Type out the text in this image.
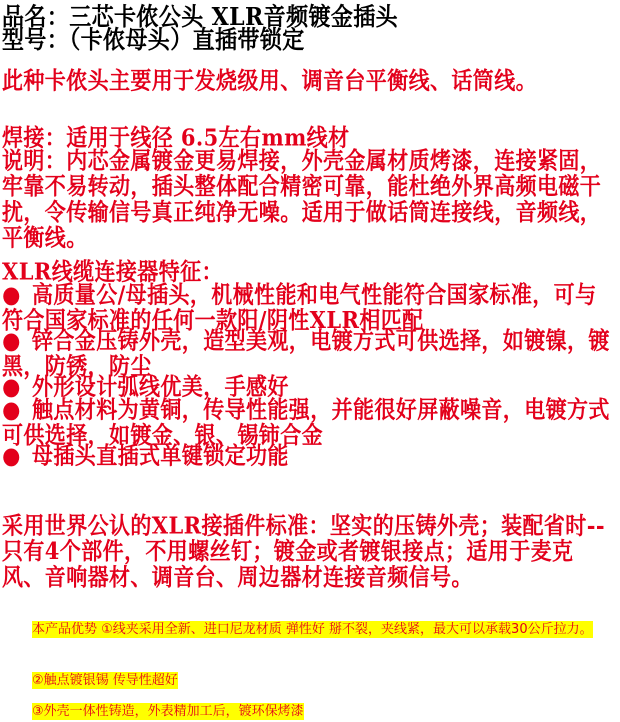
品名：三芯卡侬公头 XLR音频镀金插头

型号：（卡侬母头）直插带锁定

此种卡侬头主要用于发烧级用、调音台平衡线、话筒线。

焊接：适用于线径 6.5左右mm线材

说明：内芯金属镀金更易焊接，外壳金属材质烤漆，连接紧固，牢靠不易转动，插头整体配合精密可靠，能杜绝外界高频电磁干扰，令传输信号真正纯净无噪。适用于做话筒连接线，音频线，平衡线。

XLR线缆连接器特征：

● 高质量公/母插头，机械性能和电气性能符合国家标准，可与符合国家标准的任何一款阳/阴性XLR相匹配

● 锌合金压铸外壳，造型美观，电镀方式可供选择，如镀镍，镀黑，防锈，防尘

● 外形设计弧线优美，手感好

● 触点材料为黄铜，传导性能强，并能很好屏蔽噪音，电镀方式可供选择，如镀金、银、锡铈合金

● 母插头直插式单键锁定功能

采用世界公认的XLR接插件标准：坚实的压铸外壳；装配省时--只有4个部件，不用螺丝钉；镀金或者镀银接点；适用于麦克风、音响器材、调音台、周边器材连接音频信号。

本产品优势 ①线夹采用全新、进口尼龙材质 弹性好 掰不裂，夹线紧，最大可以承载30公斤拉力。

②触点镀银锡 传导性超好

③外壳一体性铸造，外表精加工后，镀环保烤漆
